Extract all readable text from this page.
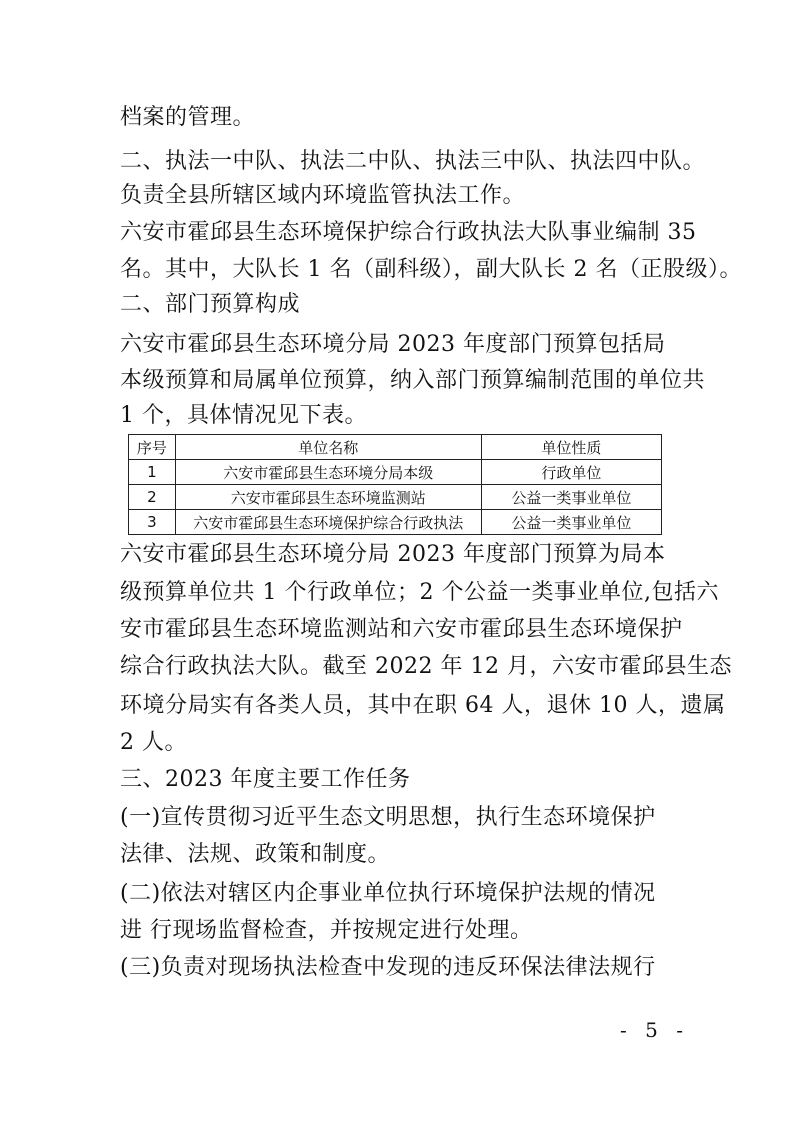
档案的管理。
二、执法一中队、执法二中队、执法三中队、执法四中队。
负责全县所辖区域内环境监管执法工作。
六安市霍邱县生态环境保护综合行政执法大队事业编制 35
名。其中，大队长 1 名（副科级），副大队长 2 名（正股级）。
二、部门预算构成
六安市霍邱县生态环境分局 2023 年度部门预算包括局
本级预算和局属单位预算，纳入部门预算编制范围的单位共
1 个，具体情况见下表。
序号	单位名称	单位性质
1	六安市霍邱县生态环境分局本级	行政单位
2	六安市霍邱县生态环境监测站	公益一类事业单位
3	六安市霍邱县生态环境保护综合行政执法	公益一类事业单位
六安市霍邱县生态环境分局 2023 年度部门预算为局本
级预算单位共 1 个行政单位；2 个公益一类事业单位,包括六
安市霍邱县生态环境监测站和六安市霍邱县生态环境保护
综合行政执法大队。截至 2022 年 12 月，六安市霍邱县生态
环境分局实有各类人员，其中在职 64 人，退休 10 人，遗属
2 人。
三、2023 年度主要工作任务
(一)宣传贯彻习近平生态文明思想，执行生态环境保护
法律、法规、政策和制度。
(二)依法对辖区内企事业单位执行环境保护法规的情况
进 行现场监督检查，并按规定进行处理。
(三)负责对现场执法检查中发现的违反环保法律法规行
- 5 -
